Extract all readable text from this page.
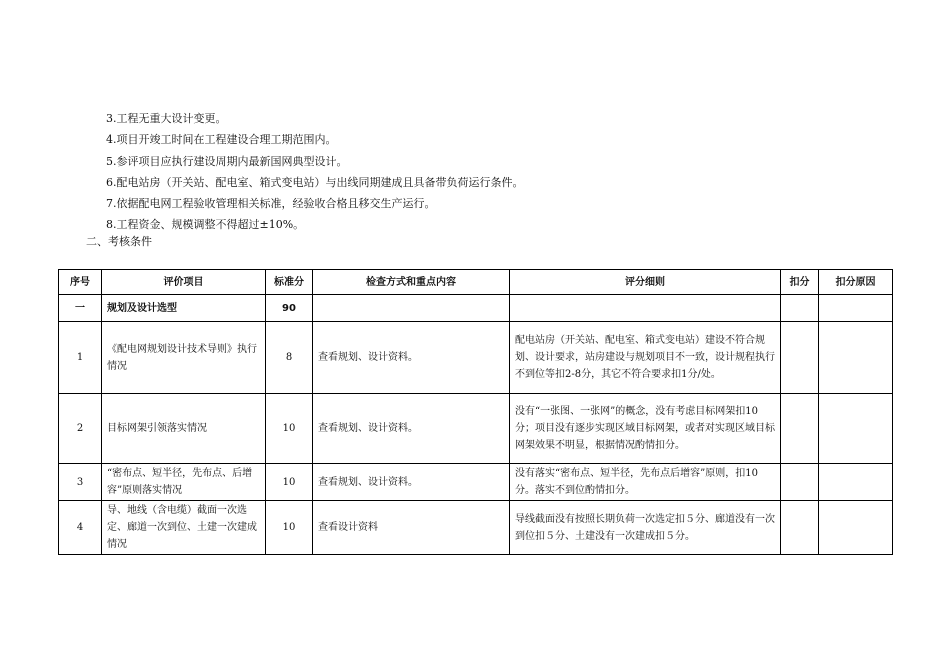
3.工程无重大设计变更。
4.项目开竣工时间在工程建设合理工期范围内。
5.参评项目应执行建设周期内最新国网典型设计。
6.配电站房（开关站、配电室、箱式变电站）与出线同期建成且具备带负荷运行条件。
7.依据配电网工程验收管理相关标准，经验收合格且移交生产运行。
8.工程资金、规模调整不得超过±10%。
二、考核条件
序号	评价项目	标准分	检查方式和重点内容	评分细则	扣分	扣分原因
一	规划及设计选型	90				
1	《配电网规划设计技术导则》执行情况	8	查看规划、设计资料。	配电站房（开关站、配电室、箱式变电站）建设不符合规划、设计要求，站房建设与规划项目不一致，设计规程执行不到位等扣2-8分，其它不符合要求扣1分/处。		
2	目标网架引领落实情况	10	查看规划、设计资料。	没有“一张图、一张网”的概念，没有考虑目标网架扣10分；项目没有逐步实现区域目标网架，或者对实现区域目标网架效果不明显，根据情况酌情扣分。		
3	“密布点、短半径，先布点、后增容”原则落实情况	10	查看规划、设计资料。	没有落实“密布点、短半径，先布点后增容”原则，扣10分。落实不到位酌情扣分。		
4	导、地线（含电缆）截面一次选定、廊道一次到位、土建一次建成情况	10	查看设计资料	导线截面没有按照长期负荷一次选定扣５分、廊道没有一次到位扣５分、土建没有一次建成扣５分。		
